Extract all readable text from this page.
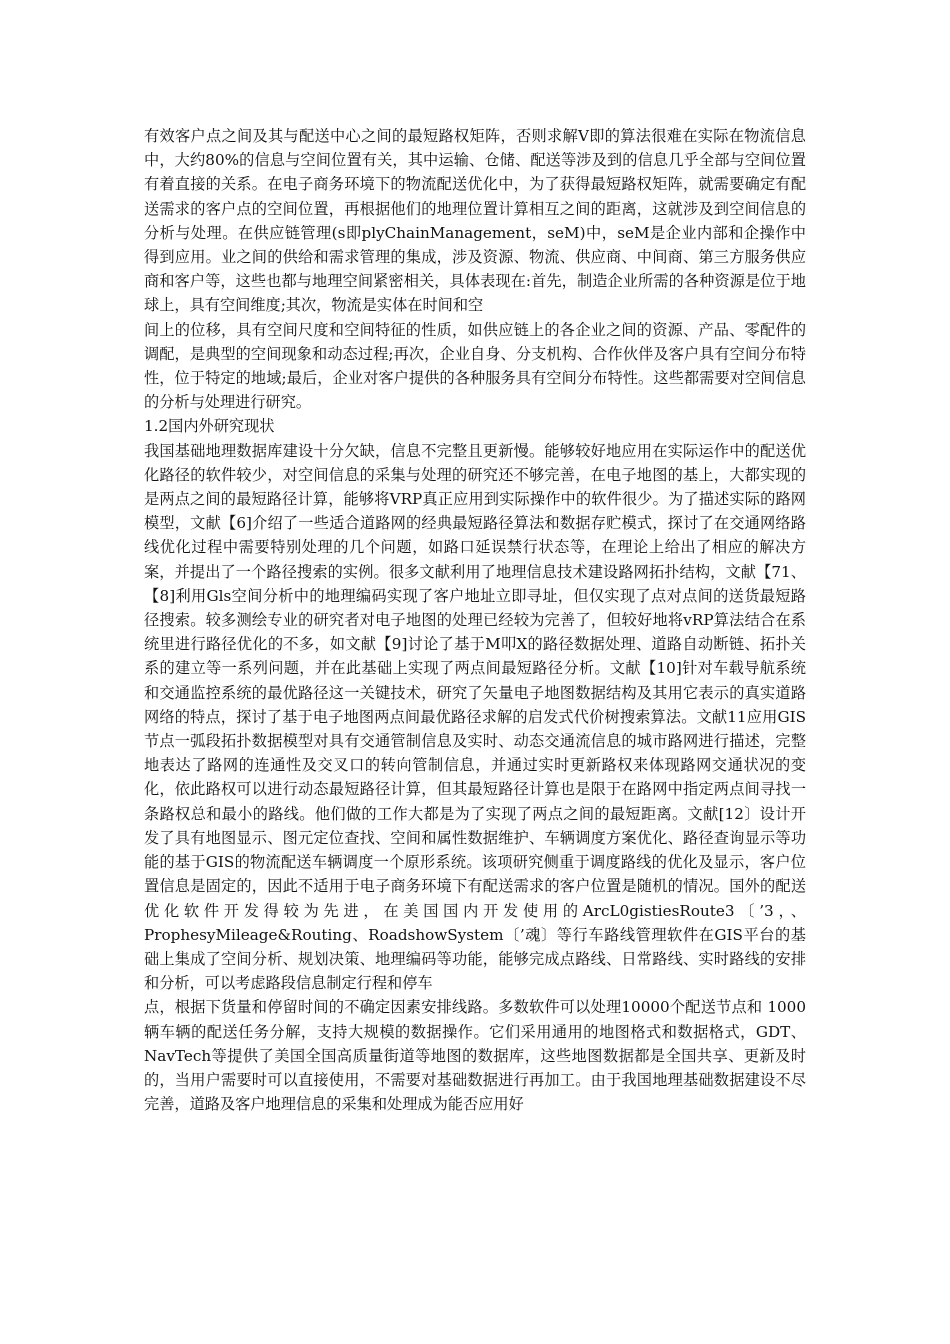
有效客户点之间及其与配送中心之间的最短路权矩阵，否则求解V即的算法很难在实际在物流信息中，大约80%的信息与空间位置有关，其中运输、仓储、配送等涉及到的信息几乎全部与空间位置有着直接的关系。在电子商务环境下的物流配送优化中，为了获得最短路权矩阵，就需要确定有配送需求的客户点的空间位置，再根据他们的地理位置计算相互之间的距离，这就涉及到空间信息的分析与处理。在供应链管理(s即plyChainManagement，seM)中，seM是企业内部和企操作中得到应用。业之间的供给和需求管理的集成，涉及资源、物流、供应商、中间商、第三方服务供应商和客户等，这些也都与地理空间紧密相关，具体表现在:首先，制造企业所需的各种资源是位于地球上，具有空间维度;其次，物流是实体在时间和空

间上的位移，具有空间尺度和空间特征的性质，如供应链上的各企业之间的资源、产品、零配件的调配，是典型的空间现象和动态过程;再次，企业自身、分支机构、合作伙伴及客户具有空间分布特性，位于特定的地域;最后，企业对客户提供的各种服务具有空间分布特性。这些都需要对空间信息的分析与处理进行研究。

1.2国内外研究现状

我国基础地理数据库建设十分欠缺，信息不完整且更新慢。能够较好地应用在实际运作中的配送优化路径的软件较少，对空间信息的采集与处理的研究还不够完善，在电子地图的基上，大都实现的是两点之间的最短路径计算，能够将VRP真正应用到实际操作中的软件很少。为了描述实际的路网模型，文献【6]介绍了一些适合道路网的经典最短路径算法和数据存贮模式，探讨了在交通网络路线优化过程中需要特别处理的几个问题，如路口延误禁行状态等，在理论上给出了相应的解决方案，并提出了一个路径搜索的实例。很多文献利用了地理信息技术建设路网拓扑结构，文献【71、【8]利用Gls空间分析中的地理编码实现了客户地址立即寻址，但仅实现了点对点间的送货最短路径搜索。较多测绘专业的研究者对电子地图的处理已经较为完善了，但较好地将vRP算法结合在系统里进行路径优化的不多，如文献【9]讨论了基于M叩X的路径数据处理、道路自动断链、拓扑关系的建立等一系列问题，并在此基础上实现了两点间最短路径分析。文献【10]针对车载导航系统和交通监控系统的最优路径这一关键技术，研究了矢量电子地图数据结构及其用它表示的真实道路网络的特点，探讨了基于电子地图两点间最优路径求解的启发式代价树搜索算法。文献11应用GIS节点一弧段拓扑数据模型对具有交通管制信息及实时、动态交通流信息的城市路网进行描述，完整地表达了路网的连通性及交叉口的转向管制信息，并通过实时更新路权来体现路网交通状况的变化，依此路权可以进行动态最短路径计算，但其最短路径计算也是限于在路网中指定两点间寻找一条路权总和最小的路线。他们做的工作大都是为了实现了两点之间的最短距离。文献[12〕设计开发了具有地图显示、图元定位查找、空间和属性数据维护、车辆调度方案优化、路径查询显示等功能的基于GIS的物流配送车辆调度一个原形系统。该项研究侧重于调度路线的优化及显示，客户位置信息是固定的，因此不适用于电子商务环境下有配送需求的客户位置是随机的情况。国外的配送优化软件开发得较为先进，在美国国内开发使用的ArcL0gistiesRoute3〔’3，、ProphesyMileage&Routing、RoadshowSystem〔’魂〕等行车路线管理软件在GIS平台的基础上集成了空间分析、规划决策、地理编码等功能，能够完成点路线、日常路线、实时路线的安排和分析，可以考虑路段信息制定行程和停车

点，根据下货量和停留时间的不确定因素安排线路。多数软件可以处理10000个配送节点和 1000辆车辆的配送任务分解，支持大规模的数据操作。它们采用通用的地图格式和数据格式，GDT、 NavTech等提供了美国全国高质量街道等地图的数据库，这些地图数据都是全国共享、更新及时的，当用户需要时可以直接使用，不需要对基础数据进行再加工。由于我国地理基础数据建设不尽完善，道路及客户地理信息的采集和处理成为能否应用好
